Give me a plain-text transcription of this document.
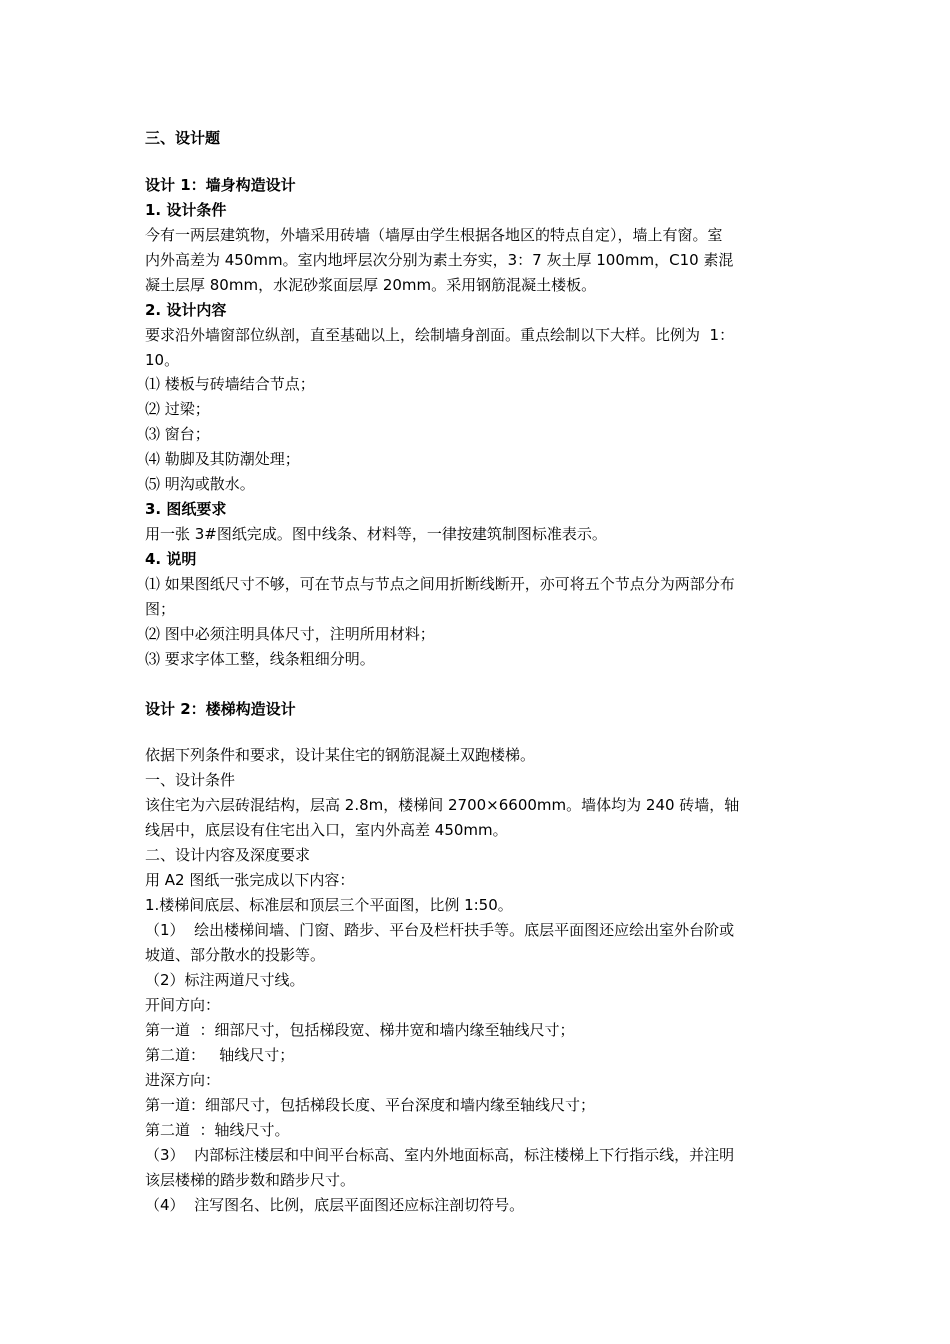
三、设计题
设计 1：墙身构造设计
1. 设计条件
今有一两层建筑物，外墙采用砖墙（墙厚由学生根据各地区的特点自定），墙上有窗。室
内外高差为 450mm。室内地坪层次分别为素土夯实，3：7 灰土厚 100mm，C10 素混
凝土层厚 80mm，水泥砂浆面层厚 20mm。采用钢筋混凝土楼板。
2. 设计内容
要求沿外墙窗部位纵剖，直至基础以上，绘制墙身剖面。重点绘制以下大样。比例为  1：
10。
⑴ 楼板与砖墙结合节点；
⑵ 过梁；
⑶ 窗台；
⑷ 勒脚及其防潮处理；
⑸ 明沟或散水。
3. 图纸要求
用一张 3#图纸完成。图中线条、材料等，一律按建筑制图标准表示。
4. 说明
⑴ 如果图纸尺寸不够，可在节点与节点之间用折断线断开，亦可将五个节点分为两部分布
图；
⑵ 图中必须注明具体尺寸，注明所用材料；
⑶ 要求字体工整，线条粗细分明。
设计 2：楼梯构造设计
依据下列条件和要求，设计某住宅的钢筋混凝土双跑楼梯。
一、设计条件
该住宅为六层砖混结构，层高 2.8m，楼梯间 2700×6600mm。墙体均为 240 砖墙，轴
线居中，底层设有住宅出入口，室内外高差 450mm。
二、设计内容及深度要求
用 A2 图纸一张完成以下内容：
1.楼梯间底层、标准层和顶层三个平面图，比例 1:50。
（1）  绘出楼梯间墙、门窗、踏步、平台及栏杆扶手等。底层平面图还应绘出室外台阶或
坡道、部分散水的投影等。
（2）标注两道尺寸线。
开间方向：
第一道  ：细部尺寸，包括梯段宽、梯井宽和墙内缘至轴线尺寸；
第二道：   轴线尺寸；
进深方向：
第一道：细部尺寸，包括梯段长度、平台深度和墙内缘至轴线尺寸；
第二道  ：轴线尺寸。
（3）  内部标注楼层和中间平台标高、室内外地面标高，标注楼梯上下行指示线，并注明
该层楼梯的踏步数和踏步尺寸。
（4）  注写图名、比例，底层平面图还应标注剖切符号。
